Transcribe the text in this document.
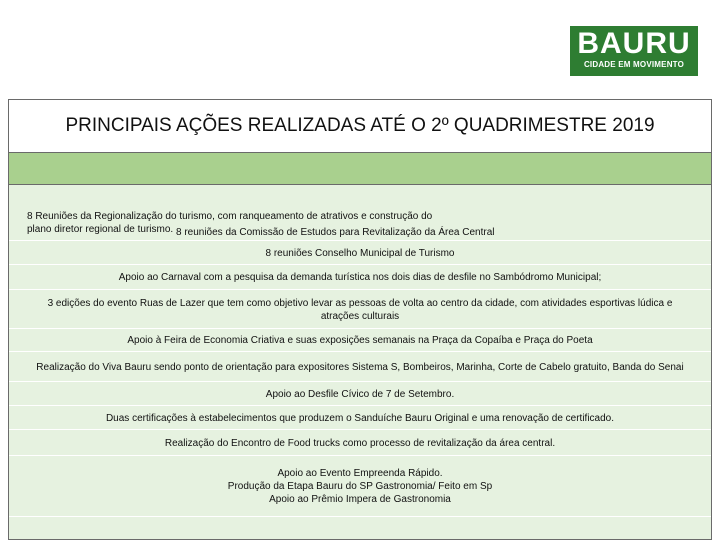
BAURU
CIDADE EM MOVIMENTO
PRINCIPAIS AÇÕES REALIZADAS ATÉ O 2º QUADRIMESTRE 2019
8 Reuniões da Regionalização do turismo, com ranqueamento de atrativos e construção do
plano diretor regional de turismo. 8 reuniões da Comissão de Estudos para Revitalização da Área Central
8 reuniões Conselho Municipal de Turismo
Apoio ao Carnaval com a pesquisa da demanda turística nos dois dias de desfile no Sambódromo Municipal;
3 edições do evento Ruas de Lazer que tem como objetivo levar as pessoas de volta ao centro da cidade, com atividades esportivas lúdica e
atrações culturais
Apoio à Feira de Economia Criativa e suas exposições semanais na Praça da Copaíba e Praça do Poeta
Realização do Viva Bauru sendo ponto de orientação para expositores Sistema S, Bombeiros, Marinha, Corte de Cabelo gratuito, Banda do Senai
Apoio ao Desfile Cívico de 7 de Setembro.
Duas certificações à estabelecimentos que produzem o Sanduíche Bauru Original e uma renovação de certificado.
Realização do Encontro de Food trucks como processo de revitalização da área central.
Apoio ao Evento Empreenda Rápido.
Produção da Etapa Bauru do SP Gastronomia/ Feito em Sp
Apoio ao Prêmio Impera de Gastronomia
